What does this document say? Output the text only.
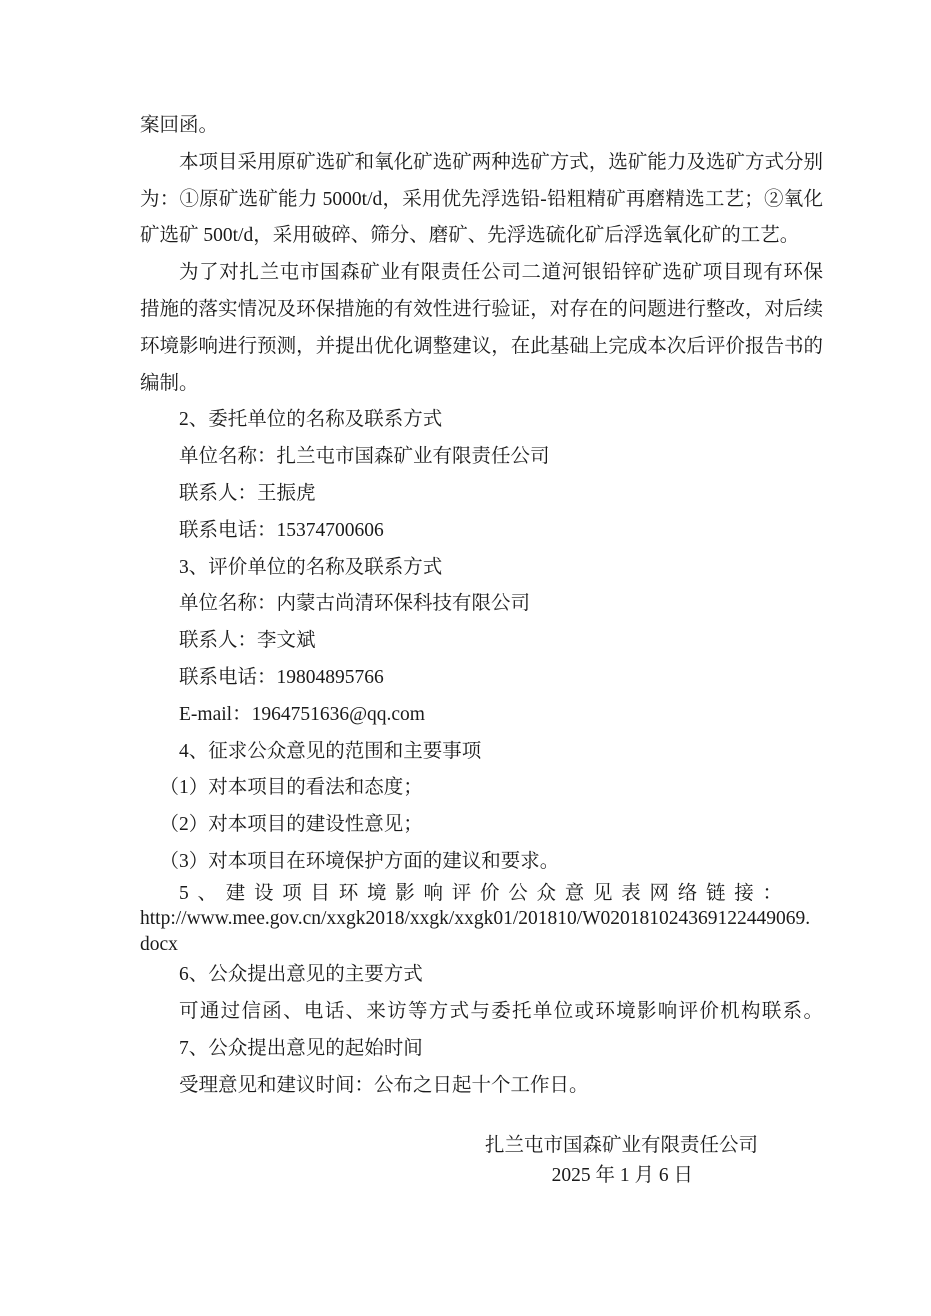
案回函。
本项目采用原矿选矿和氧化矿选矿两种选矿方式，选矿能力及选矿方式分别
为：①原矿选矿能力 5000t/d，采用优先浮选铅-铅粗精矿再磨精选工艺；②氧化
矿选矿 500t/d，采用破碎、筛分、磨矿、先浮选硫化矿后浮选氧化矿的工艺。
为了对扎兰屯市国森矿业有限责任公司二道河银铅锌矿选矿项目现有环保
措施的落实情况及环保措施的有效性进行验证，对存在的问题进行整改，对后续
环境影响进行预测，并提出优化调整建议，在此基础上完成本次后评价报告书的
编制。
2、委托单位的名称及联系方式
单位名称：扎兰屯市国森矿业有限责任公司
联系人：王振虎
联系电话：15374700606
3、评价单位的名称及联系方式
单位名称：内蒙古尚清环保科技有限公司
联系人：李文斌
联系电话：19804895766
E-mail：1964751636@qq.com
4、征求公众意见的范围和主要事项
（1）对本项目的看法和态度；
（2）对本项目的建设性意见；
（3）对本项目在环境保护方面的建议和要求。
5、建设项目环境影响评价公众意见表网络链接：
http://www.mee.gov.cn/xxgk2018/xxgk/xxgk01/201810/W020181024369122449069.
docx
6、公众提出意见的主要方式
可通过信函、电话、来访等方式与委托单位或环境影响评价机构联系。
7、公众提出意见的起始时间
受理意见和建议时间：公布之日起十个工作日。
扎兰屯市国森矿业有限责任公司
2025 年 1 月 6 日
